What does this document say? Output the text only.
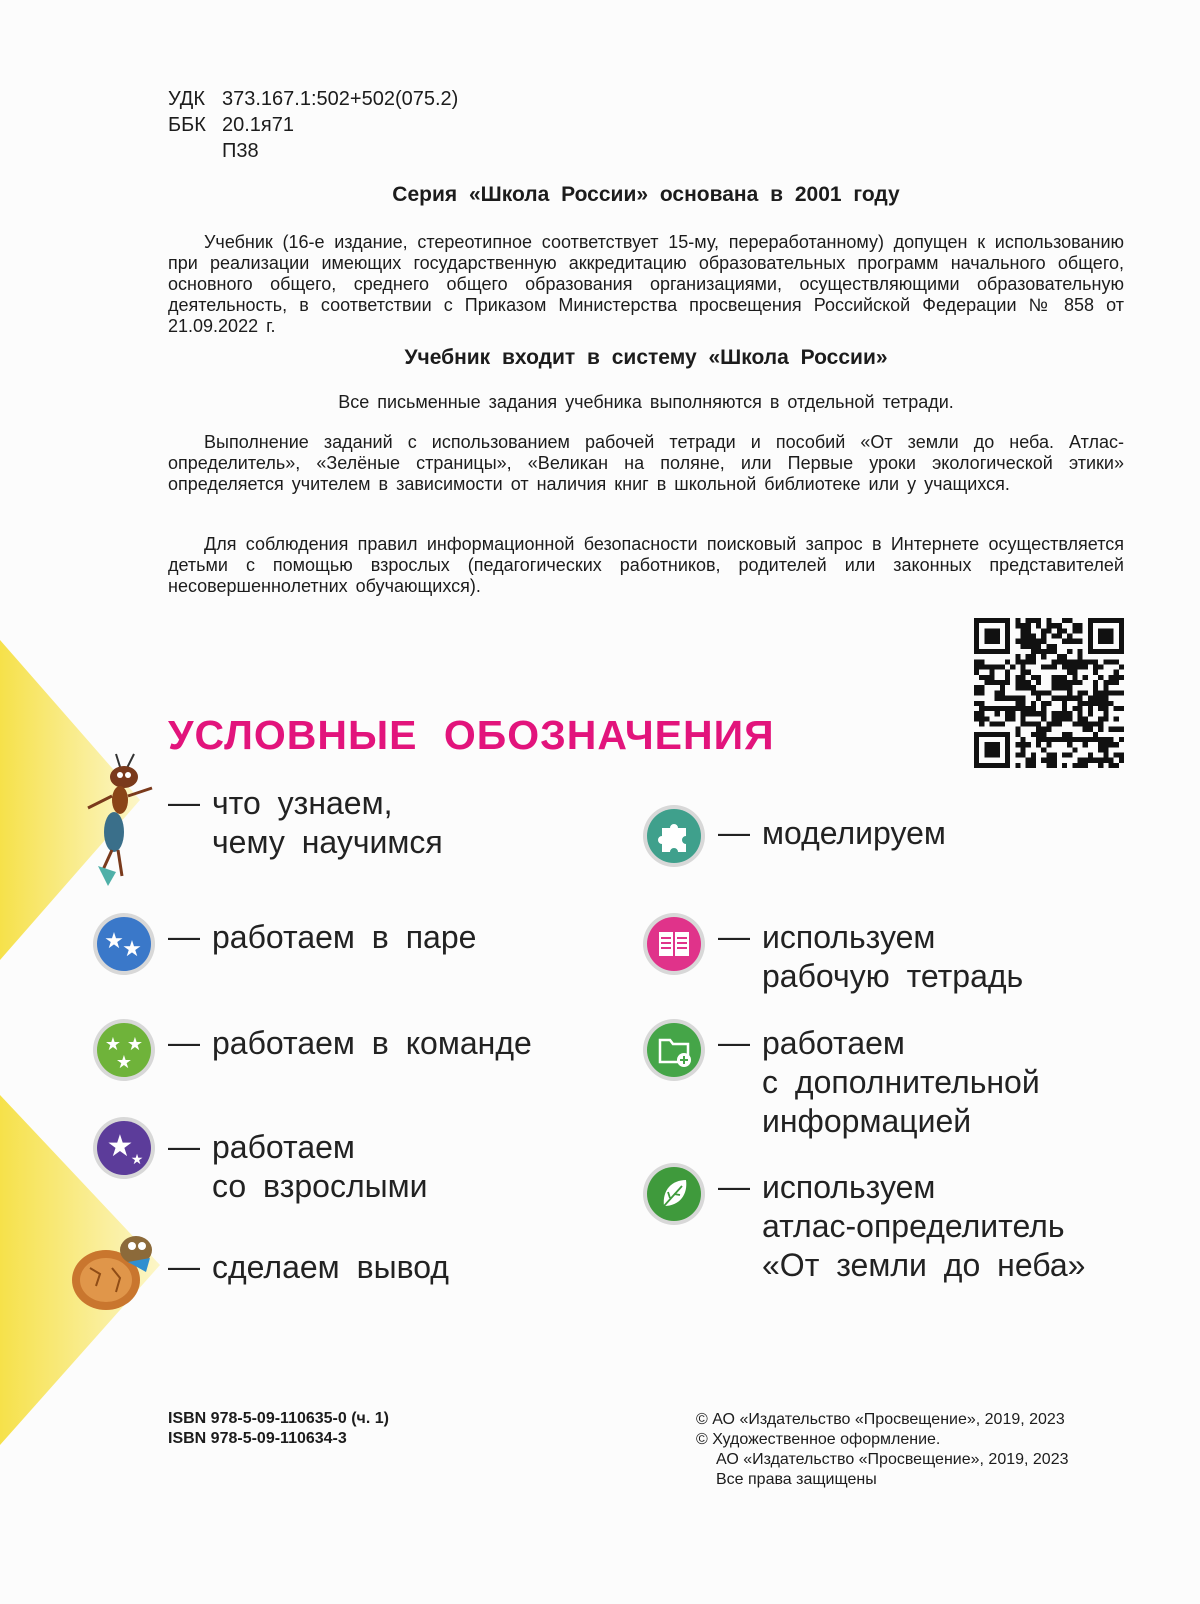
УДК 373.167.1:502+502(075.2)
ББК 20.1я71
П38
Серия «Школа России» основана в 2001 году
Учебник (16-е издание, стереотипное соответствует 15-му, переработанному) допущен к использованию при реализации имеющих государственную аккредитацию образовательных программ начального общего, основного общего, среднего общего образования организациями, осуществляющими образовательную деятельность, в соответствии с Приказом Министерства просвещения Российской Федерации № 858 от 21.09.2022 г.
Учебник входит в систему «Школа России»
Все письменные задания учебника выполняются в отдельной тетради.
Выполнение заданий с использованием рабочей тетради и пособий «От земли до неба. Атлас-определитель», «Зелёные страницы», «Великан на поляне, или Первые уроки экологической этики» определяется учителем в зависимости от наличия книг в школьной библиотеке или у учащихся.
Для соблюдения правил информационной безопасности поисковый запрос в Интернете осуществляется детьми с помощью взрослых (педагогических работников, родителей или законных представителей несовершеннолетних обучающихся).
УСЛОВНЫЕ ОБОЗНАЧЕНИЯ
— что узнаем,
чему научимся
★
★ — работаем в паре
★ ★
★
— работаем в команде
★
★ — работаем
со взрослыми
— сделаем вывод
— моделируем
— используем
рабочую тетрадь
— работаем
с дополнительной
информацией
— используем
атлас-определитель
«От земли до неба»
ISBN 978-5-09-110635-0 (ч. 1)
ISBN 978-5-09-110634-3
© АО «Издательство «Просвещение», 2019, 2023
© Художественное оформление.
АО «Издательство «Просвещение», 2019, 2023
Все права защищены
